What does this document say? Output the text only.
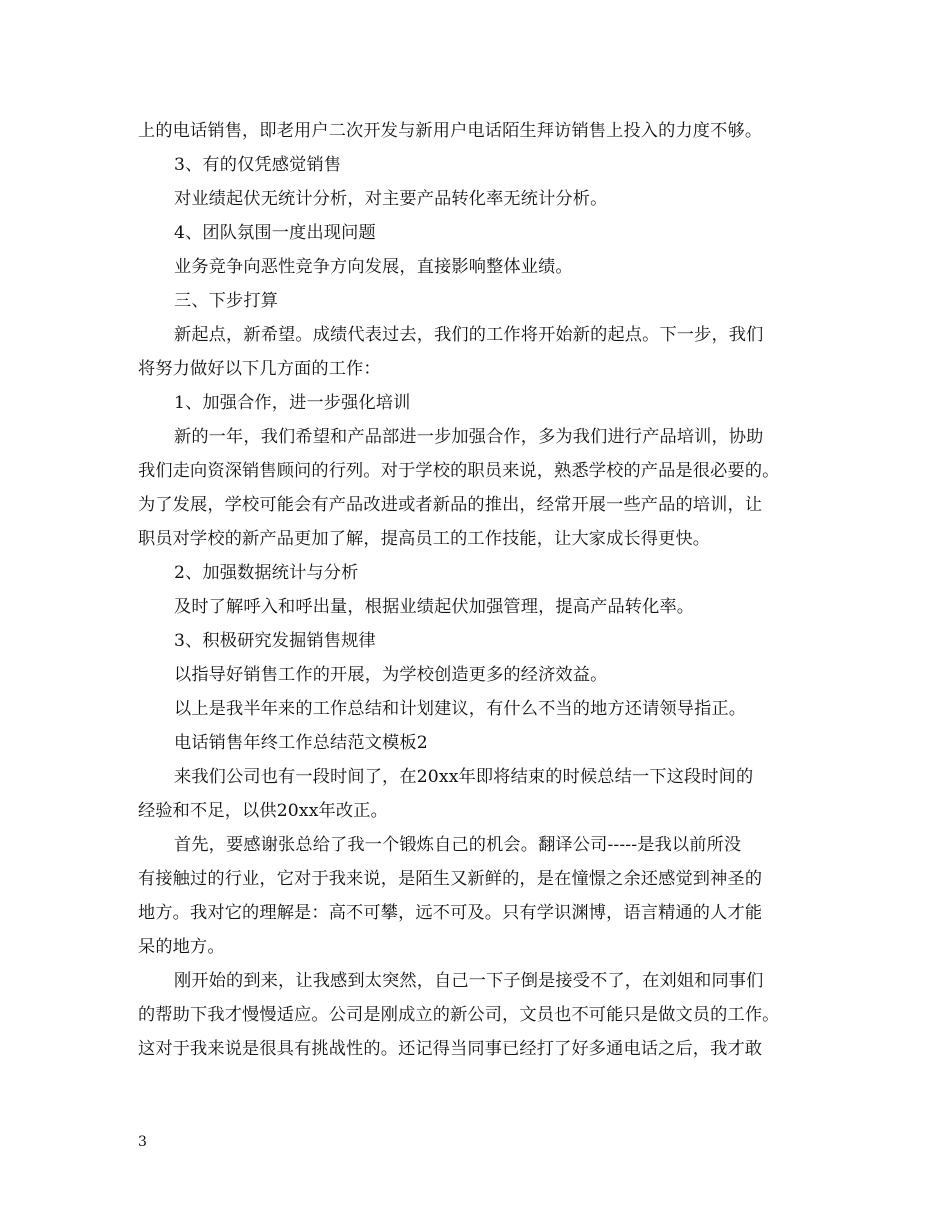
上的电话销售，即老用户二次开发与新用户电话陌生拜访销售上投入的力度不够。
3、有的仅凭感觉销售
对业绩起伏无统计分析，对主要产品转化率无统计分析。
4、团队氛围一度出现问题
业务竞争向恶性竞争方向发展，直接影响整体业绩。
三、下步打算
新起点，新希望。成绩代表过去，我们的工作将开始新的起点。下一步，我们
将努力做好以下几方面的工作：
1、加强合作，进一步强化培训
新的一年，我们希望和产品部进一步加强合作，多为我们进行产品培训，协助
我们走向资深销售顾问的行列。对于学校的职员来说，熟悉学校的产品是很必要的。
为了发展，学校可能会有产品改进或者新品的推出，经常开展一些产品的培训，让
职员对学校的新产品更加了解，提高员工的工作技能，让大家成长得更快。
2、加强数据统计与分析
及时了解呼入和呼出量，根据业绩起伏加强管理，提高产品转化率。
3、积极研究发掘销售规律
以指导好销售工作的开展，为学校创造更多的经济效益。
以上是我半年来的工作总结和计划建议，有什么不当的地方还请领导指正。
电话销售年终工作总结范文模板2
来我们公司也有一段时间了，在20xx年即将结束的时候总结一下这段时间的
经验和不足，以供20xx年改正。
首先，要感谢张总给了我一个锻炼自己的机会。翻译公司-----是我以前所没
有接触过的行业，它对于我来说，是陌生又新鲜的，是在憧憬之余还感觉到神圣的
地方。我对它的理解是：高不可攀，远不可及。只有学识渊博，语言精通的人才能
呆的地方。
刚开始的到来，让我感到太突然，自己一下子倒是接受不了，在刘姐和同事们
的帮助下我才慢慢适应。公司是刚成立的新公司，文员也不可能只是做文员的工作。
这对于我来说是很具有挑战性的。还记得当同事已经打了好多通电话之后，我才敢
3
